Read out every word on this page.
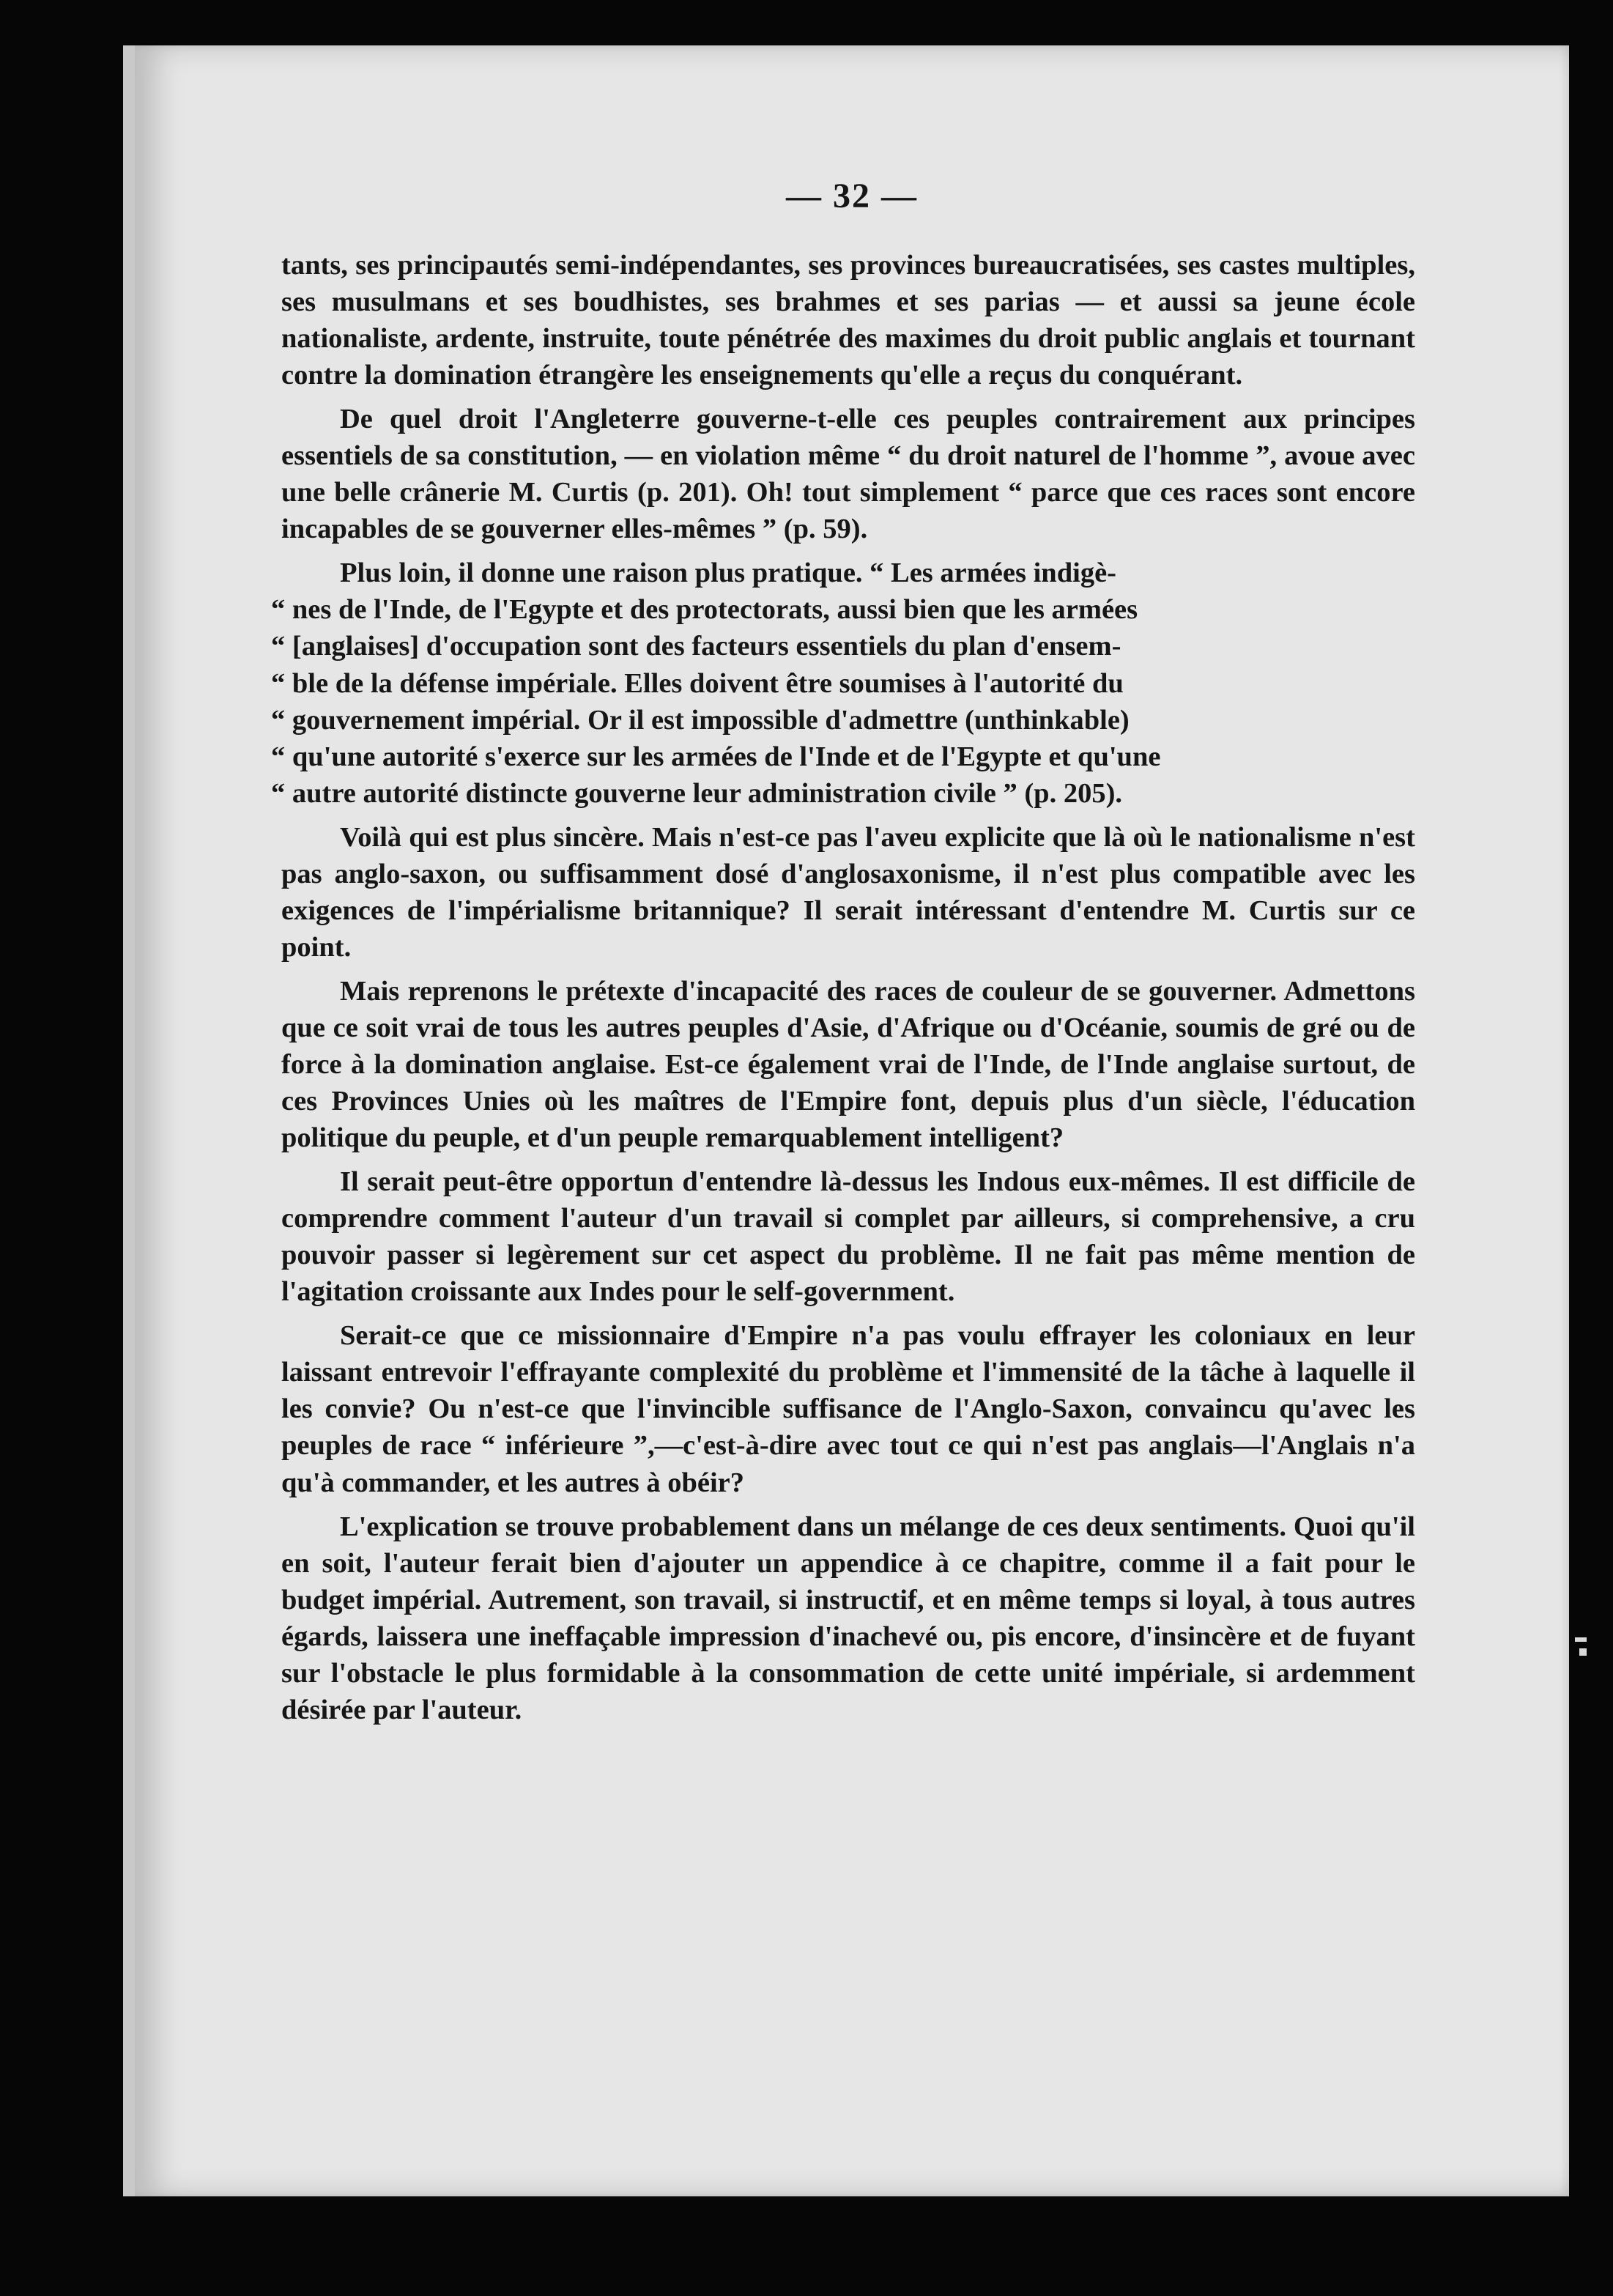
— 32 —

tants, ses principautés semi-indépendantes, ses provinces bureaucratisées, ses castes multiples, ses musulmans et ses boudhistes, ses brahmes et ses parias — et aussi sa jeune école nationaliste, ardente, instruite, toute pénétrée des maximes du droit public anglais et tournant contre la domination étrangère les enseignements qu'elle a reçus du conquérant.

De quel droit l'Angleterre gouverne-t-elle ces peuples contrairement aux principes essentiels de sa constitution, — en violation même “ du droit naturel de l'homme ”, avoue avec une belle crânerie M. Curtis (p. 201). Oh! tout simplement “ parce que ces races sont encore incapables de se gouverner elles-mêmes ” (p. 59).

Plus loin, il donne une raison plus pratique. “ Les armées indigè-
“ nes de l'Inde, de l'Egypte et des protectorats, aussi bien que les armées
“ [anglaises] d'occupation sont des facteurs essentiels du plan d'ensem-
“ ble de la défense impériale. Elles doivent être soumises à l'autorité du
“ gouvernement impérial. Or il est impossible d'admettre (unthinkable)
“ qu'une autorité s'exerce sur les armées de l'Inde et de l'Egypte et qu'une
“ autre autorité distincte gouverne leur administration civile ” (p. 205).

Voilà qui est plus sincère. Mais n'est-ce pas l'aveu explicite que là où le nationalisme n'est pas anglo-saxon, ou suffisamment dosé d'anglosaxonisme, il n'est plus compatible avec les exigences de l'impérialisme britannique? Il serait intéressant d'entendre M. Curtis sur ce point.

Mais reprenons le prétexte d'incapacité des races de couleur de se gouverner. Admettons que ce soit vrai de tous les autres peuples d'Asie, d'Afrique ou d'Océanie, soumis de gré ou de force à la domination anglaise. Est-ce également vrai de l'Inde, de l'Inde anglaise surtout, de ces Provinces Unies où les maîtres de l'Empire font, depuis plus d'un siècle, l'éducation politique du peuple, et d'un peuple remarquablement intelligent?

Il serait peut-être opportun d'entendre là-dessus les Indous eux-mêmes. Il est difficile de comprendre comment l'auteur d'un travail si complet par ailleurs, si comprehensive, a cru pouvoir passer si legèrement sur cet aspect du problème. Il ne fait pas même mention de l'agitation croissante aux Indes pour le self-government.

Serait-ce que ce missionnaire d'Empire n'a pas voulu effrayer les coloniaux en leur laissant entrevoir l'effrayante complexité du problème et l'immensité de la tâche à laquelle il les convie? Ou n'est-ce que l'invincible suffisance de l'Anglo-Saxon, convaincu qu'avec les peuples de race “ inférieure ”,—c'est-à-dire avec tout ce qui n'est pas anglais—l'Anglais n'a qu'à commander, et les autres à obéir?

L'explication se trouve probablement dans un mélange de ces deux sentiments. Quoi qu'il en soit, l'auteur ferait bien d'ajouter un appendice à ce chapitre, comme il a fait pour le budget impérial. Autrement, son travail, si instructif, et en même temps si loyal, à tous autres égards, laissera une ineffaçable impression d'inachevé ou, pis encore, d'insincère et de fuyant sur l'obstacle le plus formidable à la consommation de cette unité impériale, si ardemment désirée par l'auteur.
